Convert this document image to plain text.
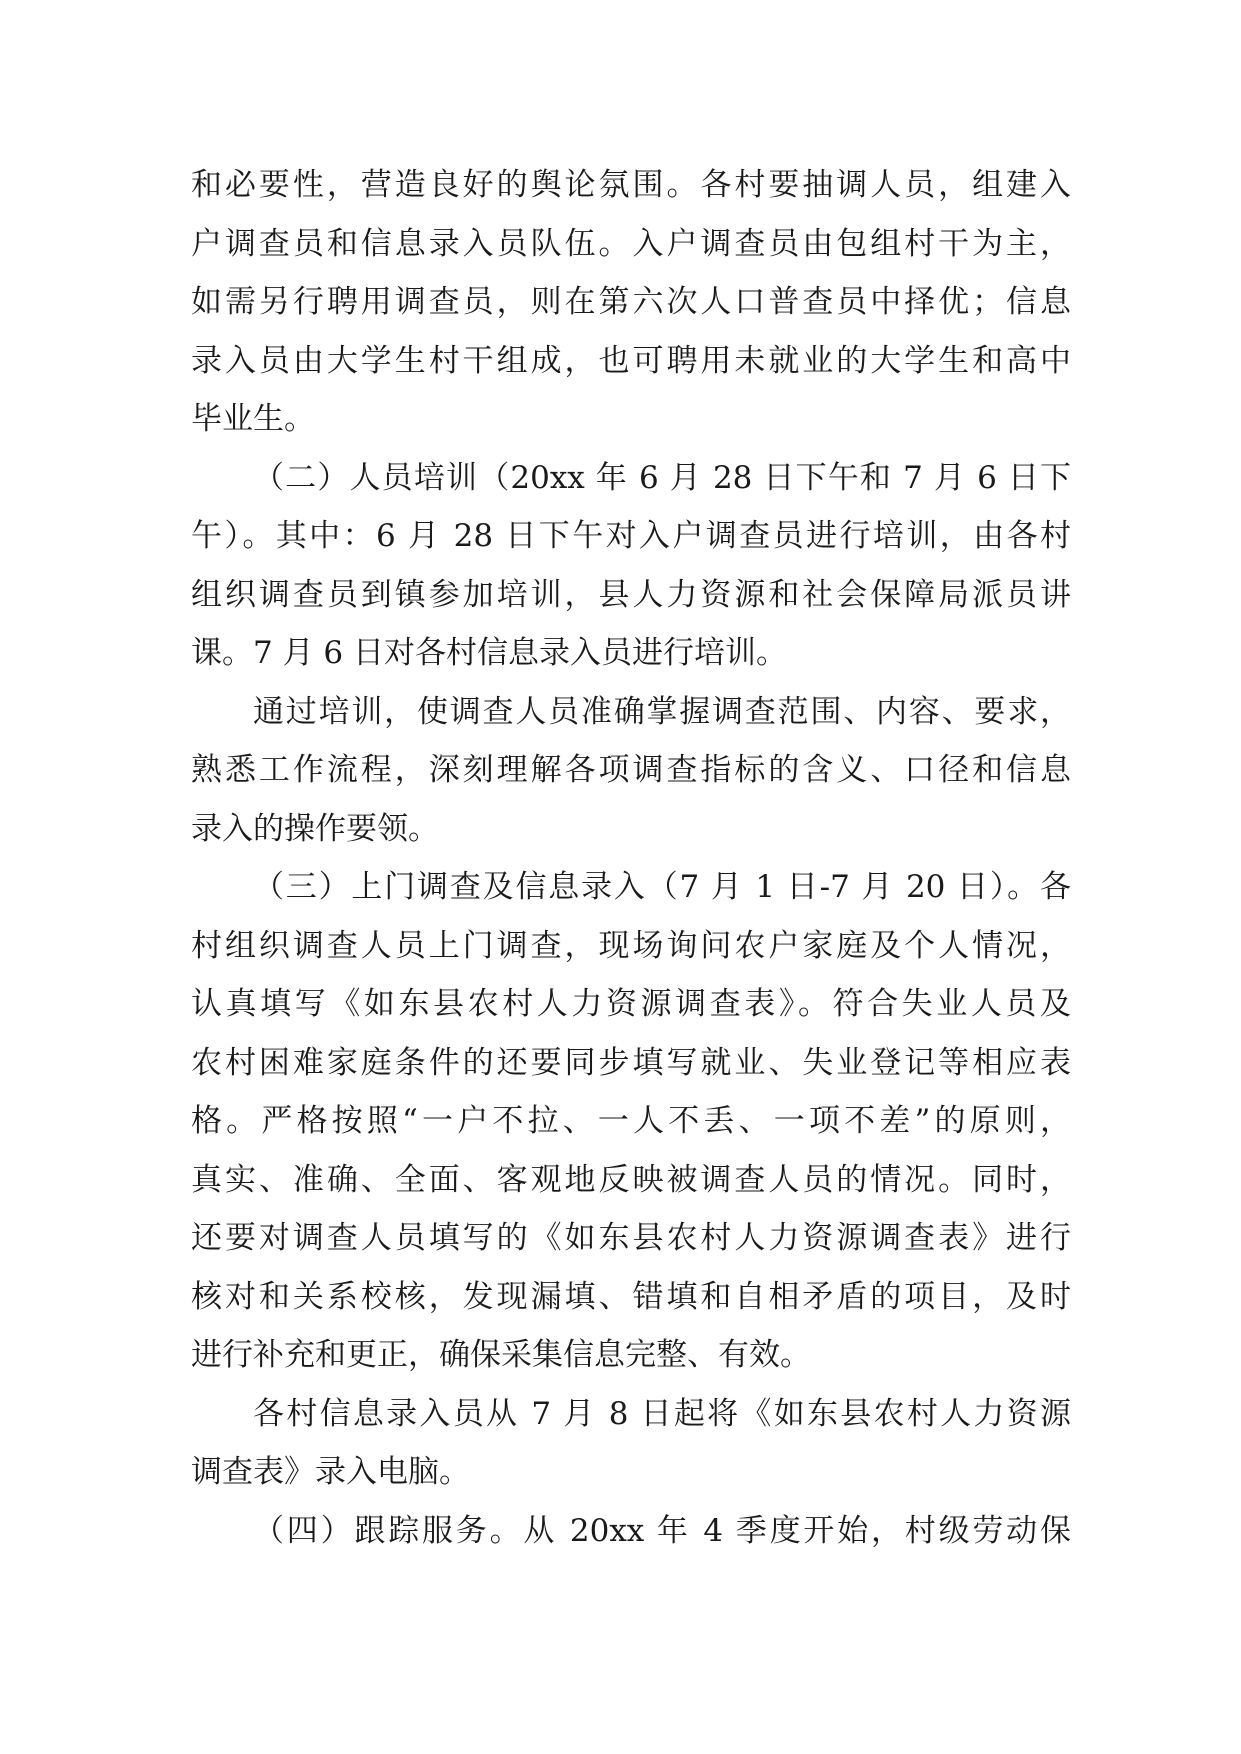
和必要性，营造良好的舆论氛围。各村要抽调人员，组建入
户调查员和信息录入员队伍。入户调查员由包组村干为主，
如需另行聘用调查员，则在第六次人口普查员中择优；信息
录入员由大学生村干组成，也可聘用未就业的大学生和高中
毕业生。
（二）人员培训（20xx 年 6 月 28 日下午和 7 月 6 日下
午）。其中：6 月 28 日下午对入户调查员进行培训，由各村
组织调查员到镇参加培训，县人力资源和社会保障局派员讲
课。7 月 6 日对各村信息录入员进行培训。
通过培训，使调查人员准确掌握调查范围、内容、要求，
熟悉工作流程，深刻理解各项调查指标的含义、口径和信息
录入的操作要领。
（三）上门调查及信息录入（7 月 1 日-7 月 20 日）。各
村组织调查人员上门调查，现场询问农户家庭及个人情况，
认真填写《如东县农村人力资源调查表》。符合失业人员及
农村困难家庭条件的还要同步填写就业、失业登记等相应表
格。严格按照“一户不拉、一人不丢、一项不差”的原则，
真实、准确、全面、客观地反映被调查人员的情况。同时，
还要对调查人员填写的《如东县农村人力资源调查表》进行
核对和关系校核，发现漏填、错填和自相矛盾的项目，及时
进行补充和更正，确保采集信息完整、有效。
各村信息录入员从 7 月 8 日起将《如东县农村人力资源
调查表》录入电脑。
（四）跟踪服务。从 20xx 年 4 季度开始，村级劳动保
